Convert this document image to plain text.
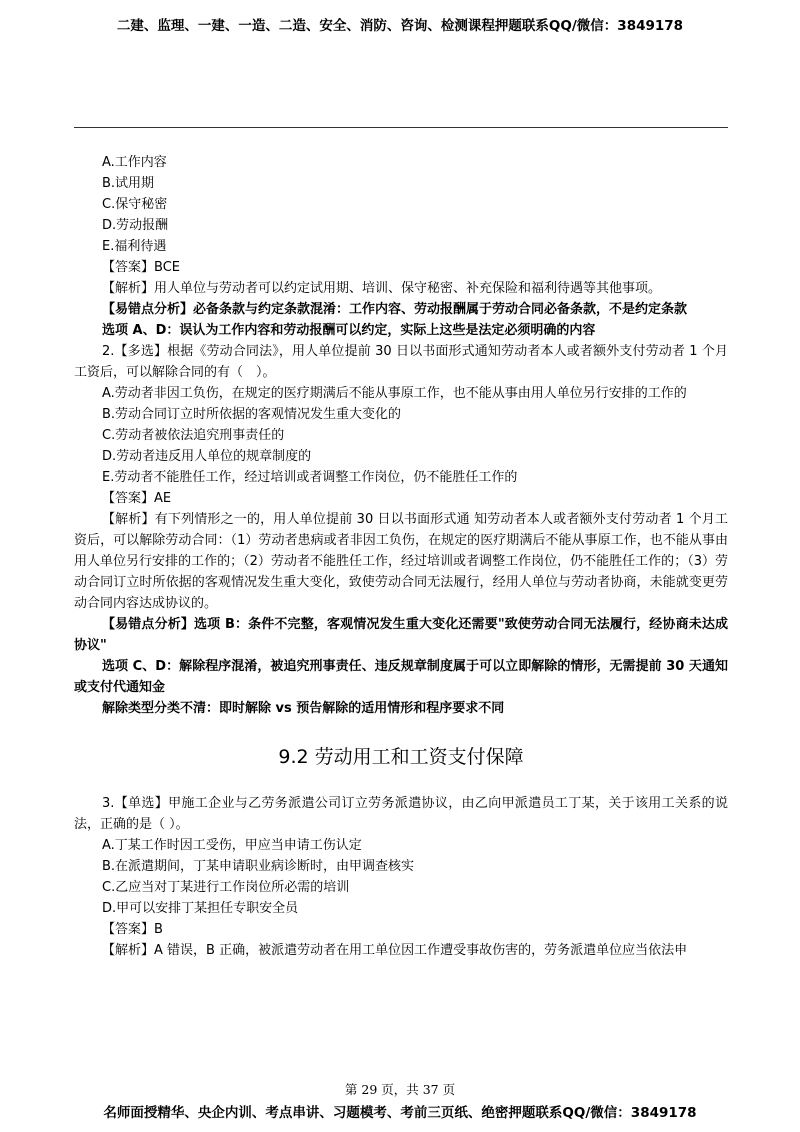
二建、监理、一建、一造、二造、安全、消防、咨询、检测课程押题联系QQ/微信：3849178

A.工作内容

B.试用期

C.保守秘密

D.劳动报酬

E.福利待遇

【答案】BCE

【解析】用人单位与劳动者可以约定试用期、培训、保守秘密、补充保险和福利待遇等其他事项。

【易错点分析】必备条款与约定条款混淆：工作内容、劳动报酬属于劳动合同必备条款，不是约定条款

选项 A、D：误认为工作内容和劳动报酬可以约定，实际上这些是法定必须明确的内容

2.【多选】根据《劳动合同法》，用人单位提前 30 日以书面形式通知劳动者本人或者额外支付劳动者 1 个月工资后，可以解除合同的有（　）。

A.劳动者非因工负伤，在规定的医疗期满后不能从事原工作，也不能从事由用人单位另行安排的工作的

B.劳动合同订立时所依据的客观情况发生重大变化的

C.劳动者被依法追究刑事责任的

D.劳动者违反用人单位的规章制度的

E.劳动者不能胜任工作，经过培训或者调整工作岗位，仍不能胜任工作的

【答案】AE

【解析】有下列情形之一的，用人单位提前 30 日以书面形式通 知劳动者本人或者额外支付劳动者 1 个月工资后，可以解除劳动合同：（1）劳动者患病或者非因工负伤，在规定的医疗期满后不能从事原工作，也不能从事由用人单位另行安排的工作的；（2）劳动者不能胜任工作，经过培训或者调整工作岗位，仍不能胜任工作的；（3）劳动合同订立时所依据的客观情况发生重大变化，致使劳动合同无法履行，经用人单位与劳动者协商，未能就变更劳动合同内容达成协议的。

【易错点分析】选项 B：条件不完整，客观情况发生重大变化还需要"致使劳动合同无法履行，经协商未达成协议"

选项 C、D：解除程序混淆，被追究刑事责任、违反规章制度属于可以立即解除的情形，无需提前 30 天通知或支付代通知金

解除类型分类不清：即时解除 vs 预告解除的适用情形和程序要求不同

9.2 劳动用工和工资支付保障

3.【单选】甲施工企业与乙劳务派遣公司订立劳务派遣协议，由乙向甲派遣员工丁某，关于该用工关系的说法，正确的是（ ）。

A.丁某工作时因工受伤，甲应当申请工伤认定

B.在派遣期间，丁某申请职业病诊断时，由甲调查核实

C.乙应当对丁某进行工作岗位所必需的培训

D.甲可以安排丁某担任专职安全员

【答案】B

【解析】A 错误，B 正确，被派遣劳动者在用工单位因工作遭受事故伤害的，劳务派遣单位应当依法申

第 29 页，共 37 页
名师面授精华、央企内训、考点串讲、习题模考、考前三页纸、绝密押题联系QQ/微信：3849178
